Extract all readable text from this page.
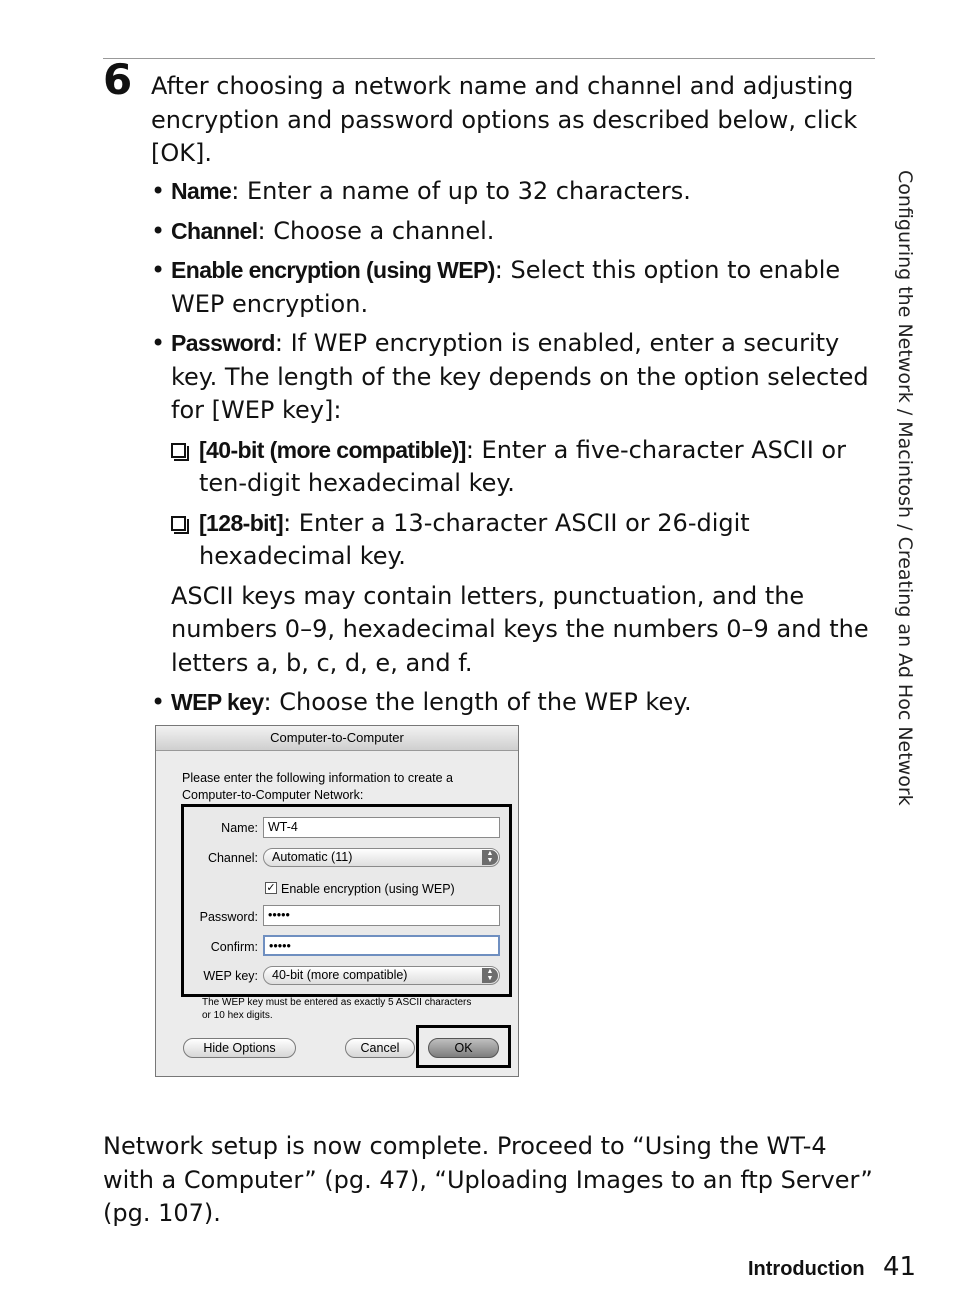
6 After choosing a network name and channel and adjusting encryption and password options as described below, click [OK].
• Name: Enter a name of up to 32 characters.
• Channel: Choose a channel.
• Enable encryption (using WEP): Select this option to enable WEP encryption.
• Password: If WEP encryption is enabled, enter a security key. The length of the key depends on the option selected for [WEP key]:
[40-bit (more compatible)]: Enter a five-character ASCII or ten-digit hexadecimal key.
[128-bit]: Enter a 13-character ASCII or 26-digit hexadecimal key.
ASCII keys may contain letters, punctuation, and the numbers 0–9, hexadecimal keys the numbers 0–9 and the letters a, b, c, d, e, and f.
• WEP key: Choose the length of the WEP key.
Computer-to-Computer
Please enter the following information to create a Computer-to-Computer Network:
Name: WT-4
Channel:	Automatic (11)	▲
▼
✓ Enable encryption (using WEP)
Password: •••••
Confirm: •••••
WEP key:	40-bit (more compatible)	▲
▼
The WEP key must be entered as exactly 5 ASCII characters or 10 hex digits.
Hide Options	Cancel	OK
Network setup is now complete. Proceed to “Using the WT-4 with a Computer” (pg. 47), “Uploading Images to an ftp Server” (pg. 107).
Configuring the Network / Macintosh / Creating an Ad Hoc Network
Introduction 41
